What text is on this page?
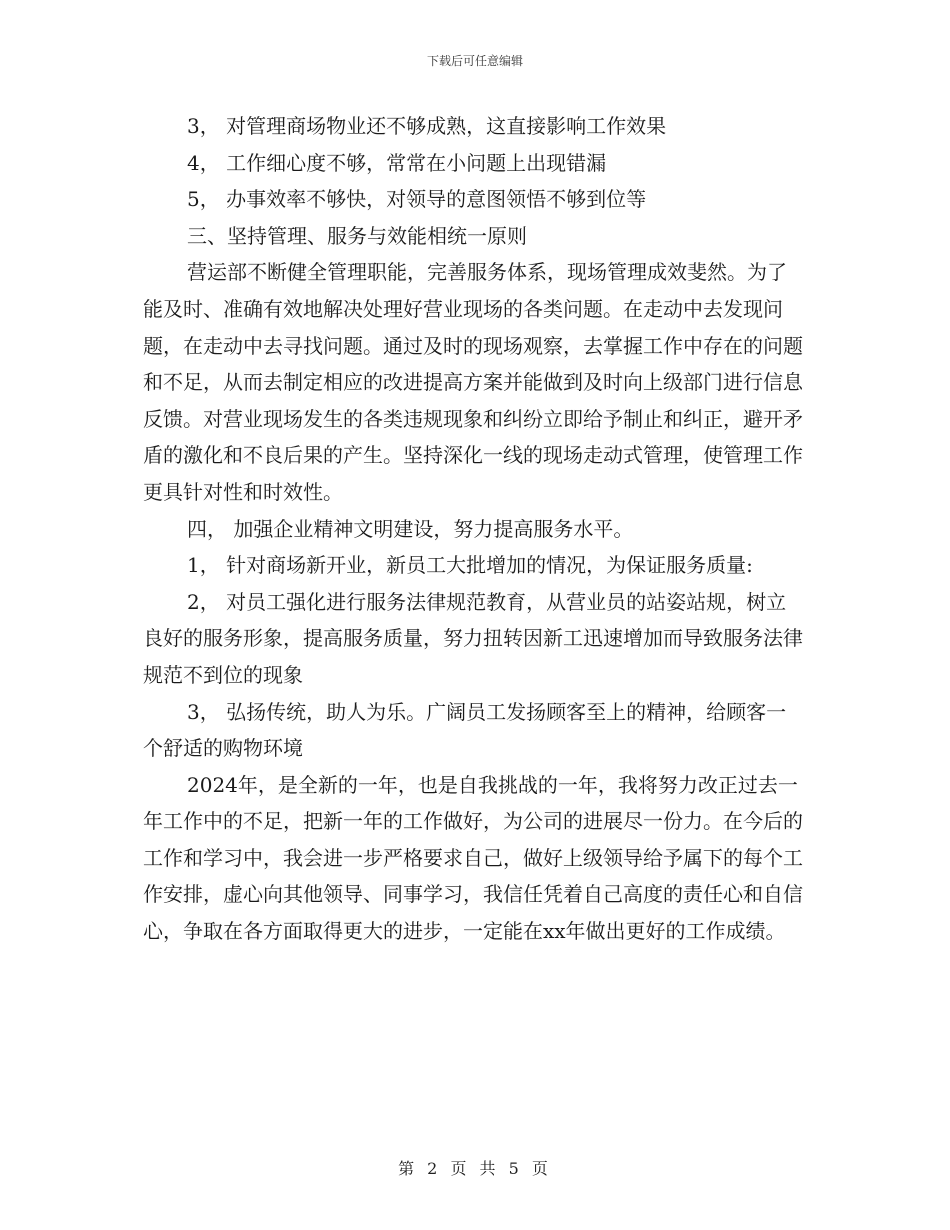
下载后可任意编辑

3， 对管理商场物业还不够成熟，这直接影响工作效果

4， 工作细心度不够，常常在小问题上出现错漏

5， 办事效率不够快，对领导的意图领悟不够到位等

三、坚持管理、服务与效能相统一原则

营运部不断健全管理职能，完善服务体系，现场管理成效斐然。为了能及时、准确有效地解决处理好营业现场的各类问题。在走动中去发现问题，在走动中去寻找问题。通过及时的现场观察，去掌握工作中存在的问题和不足，从而去制定相应的改进提高方案并能做到及时向上级部门进行信息反馈。对营业现场发生的各类违规现象和纠纷立即给予制止和纠正，避开矛盾的激化和不良后果的产生。坚持深化一线的现场走动式管理，使管理工作更具针对性和时效性。

四， 加强企业精神文明建设，努力提高服务水平。

1， 针对商场新开业，新员工大批增加的情况，为保证服务质量:

2， 对员工强化进行服务法律规范教育，从营业员的站姿站规，树立良好的服务形象，提高服务质量，努力扭转因新工迅速增加而导致服务法律规范不到位的现象

3， 弘扬传统，助人为乐。广阔员工发扬顾客至上的精神，给顾客一个舒适的购物环境

2024年，是全新的一年，也是自我挑战的一年，我将努力改正过去一年工作中的不足，把新一年的工作做好，为公司的进展尽一份力。在今后的工作和学习中，我会进一步严格要求自己，做好上级领导给予属下的每个工作安排，虚心向其他领导、同事学习，我信任凭着自己高度的责任心和自信心，争取在各方面取得更大的进步，一定能在xx年做出更好的工作成绩。

第 2 页 共 5 页
